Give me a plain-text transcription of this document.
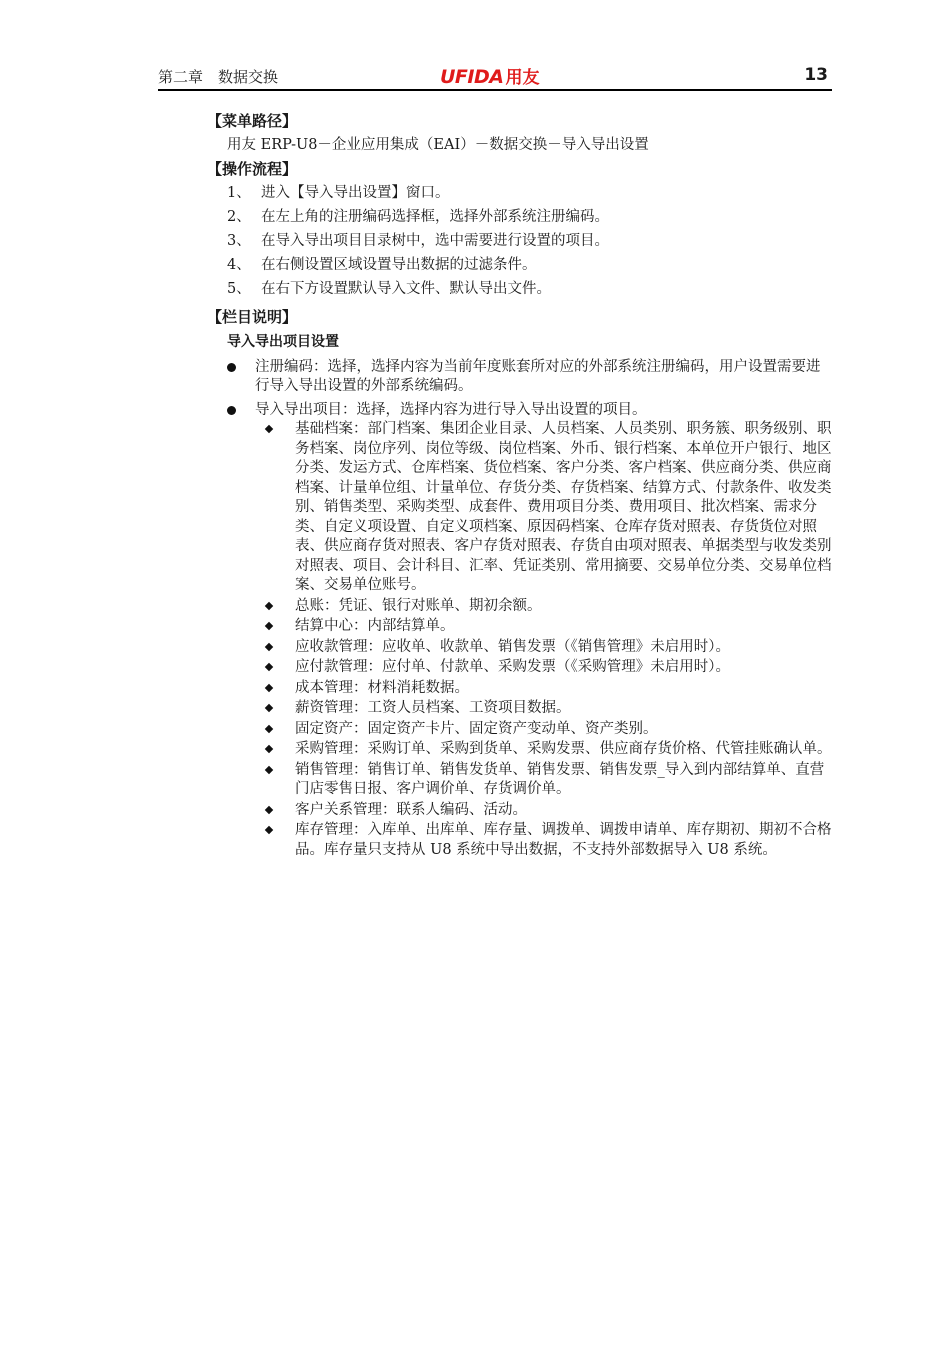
第二章　数据交换	UFIDA 用友	13
【菜单路径】
用友 ERP-U8－企业应用集成（EAI）－数据交换－导入导出设置
【操作流程】
1、 进入【导入导出设置】窗口。
2、 在左上角的注册编码选择框，选择外部系统注册编码。
3、 在导入导出项目目录树中，选中需要进行设置的项目。
4、 在右侧设置区域设置导出数据的过滤条件。
5、 在右下方设置默认导入文件、默认导出文件。
【栏目说明】
导入导出项目设置
注册编码：选择，选择内容为当前年度账套所对应的外部系统注册编码，用户设置需要进行导入导出设置的外部系统编码。
导入导出项目：选择，选择内容为进行导入导出设置的项目。
基础档案：部门档案、集团企业目录、人员档案、人员类别、职务簇、职务级别、职务档案、岗位序列、岗位等级、岗位档案、外币、银行档案、本单位开户银行、地区分类、发运方式、仓库档案、货位档案、客户分类、客户档案、供应商分类、供应商档案、计量单位组、计量单位、存货分类、存货档案、结算方式、付款条件、收发类别、销售类型、采购类型、成套件、费用项目分类、费用项目、批次档案、需求分类、自定义项设置、自定义项档案、原因码档案、仓库存货对照表、存货货位对照表、供应商存货对照表、客户存货对照表、存货自由项对照表、单据类型与收发类别对照表、项目、会计科目、汇率、凭证类别、常用摘要、交易单位分类、交易单位档案、交易单位账号。
总账：凭证、银行对账单、期初余额。
结算中心：内部结算单。
应收款管理：应收单、收款单、销售发票（《销售管理》未启用时）。
应付款管理：应付单、付款单、采购发票（《采购管理》未启用时）。
成本管理：材料消耗数据。
薪资管理：工资人员档案、工资项目数据。
固定资产：固定资产卡片、固定资产变动单、资产类别。
采购管理：采购订单、采购到货单、采购发票、供应商存货价格、代管挂账确认单。
销售管理：销售订单、销售发货单、销售发票、销售发票_导入到内部结算单、直营门店零售日报、客户调价单、存货调价单。
客户关系管理：联系人编码、活动。
库存管理：入库单、出库单、库存量、调拨单、调拨申请单、库存期初、期初不合格品。库存量只支持从 U8 系统中导出数据，不支持外部数据导入 U8 系统。
